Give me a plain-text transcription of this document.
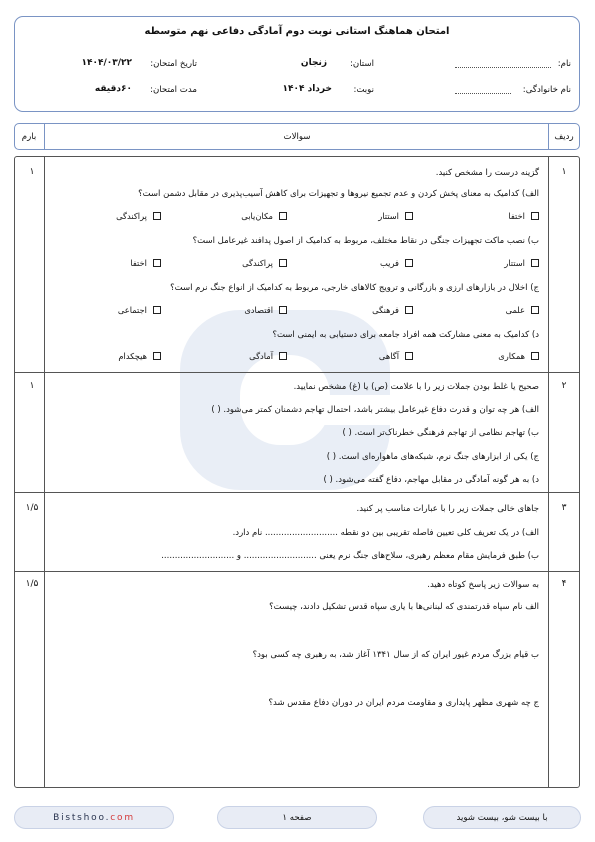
امتحان هماهنگ استانی نوبت دوم آمادگی دفاعی نهم متوسطه
نام:
استان:
زنجان
تاریخ امتحان:
۱۴۰۴/۰۳/۲۲
نام خانوادگی:
نوبت:
خرداد ۱۴۰۴
مدت امتحان:
۶۰دقیقه
ردیف
سوالات
بارم
۱
۱	گزینه درست را مشخص کنید.
الف) کدامیک به معنای پخش کردن و عدم تجمیع نیروها و تجهیزات برای کاهش آسیب‌پذیری در مقابل دشمن است؟
اختفا
استتار
مکان‌یابی
پراکندگی
ب) نصب ماکت تجهیزات جنگی در نقاط مختلف، مربوط به کدامیک از اصول پدافند غیرعامل است؟
استتار
فریب
پراکندگی
اختفا
ج) اخلال در بازارهای ارزی و بازرگانی و ترویج کالاهای خارجی، مربوط به کدامیک از انواع جنگ نرم است؟
علمی
فرهنگی
اقتصادی
اجتماعی
د) کدامیک به معنی مشارکت همه افراد جامعه برای دستیابی به ایمنی است؟
همکاری
آگاهی
آمادگی
هیچکدام
۲
۱	صحیح یا غلط بودن جملات زیر را با علامت (ص) یا (غ) مشخص نمایید.
الف) هر چه توان و قدرت دفاع غیرعامل بیشتر باشد، احتمال تهاجم دشمنان کمتر می‌شود. ( )
ب) تهاجم نظامی از تهاجم فرهنگی خطرناک‌تر است. ( )
ج) یکی از ابزارهای جنگ نرم، شبکه‌های ماهواره‌ای است. ( )
د) به هر گونه آمادگی در مقابل مهاجم، دفاع گفته می‌شود. ( )
۳
۱/۵	جاهای خالی جملات زیر را با عبارات مناسب پر کنید.
الف) در یک تعریف کلی تعیین فاصله تقریبی بین دو نقطه ........................... نام دارد.
ب) طبق فرمایش مقام معظم رهبری، سلاح‌های جنگ نرم یعنی ........................... و ...........................
۴
۱/۵	به سوالات زیر پاسخ کوتاه دهید.
الف نام سپاه قدرتمندی که لبنانی‌ها با یاری سپاه قدس تشکیل دادند، چیست؟
ب قیام بزرگ مردم غیور ایران که از سال ۱۳۴۱ آغاز شد، به رهبری چه کسی بود؟
ج چه شهری مظهر پایداری و مقاومت مردم ایران در دوران دفاع مقدس شد؟
با بیست شو، بیست شوید
صفحه ۱
Bistshoo.com
